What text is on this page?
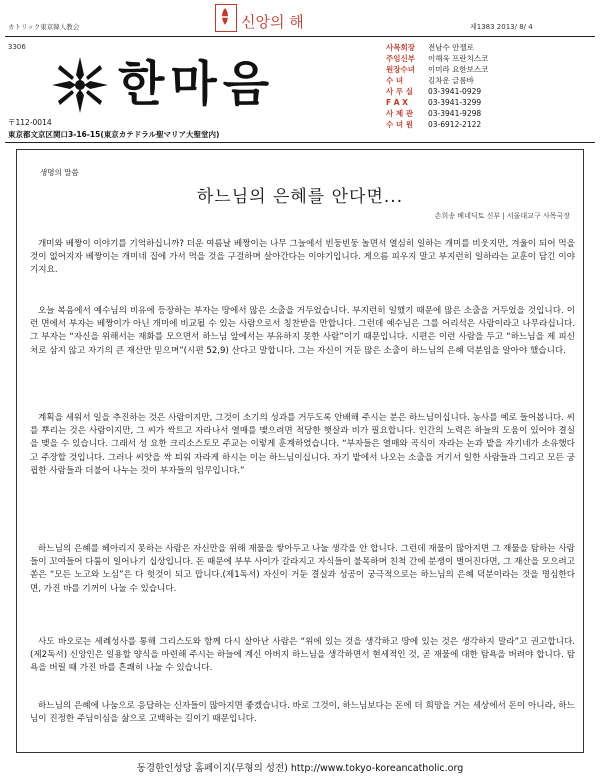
カトリック東京韓人教会	신앙의 해	제1383 2013/ 8/ 4
3306
한마음
〒112-0014
東京都文京区関口3-16-15(東京カテドラル聖マリア大聖堂内)
사목회장	전남수 안젤로
주임신부	이해욱 프란치스코
원장수녀	이미라 요한보스코
수 녀	김차운 글롬바
사 무 실	03-3941-0929
F A X	03-3941-3299
사 제 관	03-3941-9298
수 녀 원	03-6912-2122
생명의 말씀
하느님의 은혜를 안다면...
손희송 베네딕토 신부 | 서울대교구 사목국장

개미와 베짱이 이야기를 기억하십니까? 더운 여름날 베짱이는 나무 그늘에서 빈둥빈둥 놀면서 열심히 일하는 개미를 비웃지만, 겨울이 되어 먹을 것이 없어지자 베짱이는 개미네 집에 가서 먹을 것을 구걸하며 살아간다는 이야기입니다. 게으름 피우지 말고 부지런히 일하라는 교훈이 담긴 이야기지요.

오늘 복음에서 예수님의 비유에 등장하는 부자는 땅에서 많은 소출을 거두었습니다. 부지런히 일했기 때문에 많은 소출을 거두었을 것입니다. 이런 면에서 부자는 베짱이가 아닌 개미에 비교될 수 있는 사람으로서 칭찬받을 만합니다. 그런데 예수님은 그를 어리석은 사람이라고 나무라십니다. 그 부자는 “자신을 위해서는 재화를 모으면서 하느님 앞에서는 부유하지 못한 사람”이기 때문입니다. 시편은 이런 사람을 두고 “하느님을 제 피신처로 삼지 않고 자기의 큰 재산만 믿으며”(시편 52,9) 산다고 말합니다. 그는 자신이 거둔 많은 소출이 하느님의 은혜 덕분임을 알아야 했습니다.

계획을 세워서 일을 추진하는 것은 사람이지만, 그것이 소기의 성과를 거두도록 안배해 주시는 분은 하느님이십니다. 농사를 예로 들어봅니다. 씨를 뿌리는 것은 사람이지만, 그 씨가 싹트고 자라나서 열매를 맺으려면 적당한 햇살과 비가 필요합니다. 인간의 노력은 하늘의 도움이 있어야 결실을 맺을 수 있습니다. 그래서 성 요한 크리소스토모 주교는 이렇게 훈계하였습니다. “부자들은 열매와 곡식이 자라는 논과 밭을 자기네가 소유했다고 주장할 것입니다. 그러나 씨앗을 싹 틔워 자라게 하시는 이는 하느님이십니다. 자기 밭에서 나오는 소출을 거기서 일한 사람들과 그리고 모든 궁핍한 사람들과 더불어 나누는 것이 부자들의 임무입니다.”

하느님의 은혜를 헤아리지 못하는 사람은 자신만을 위해 재물을 쌓아두고 나눌 생각을 안 합니다. 그런데 재물이 많아지면 그 재물을 탐하는 사람들이 꼬여들어 다툼이 일어나기 십상입니다. 돈 때문에 부부 사이가 갈라지고 자식들이 불목하며 친척 간에 분쟁이 벌어진다면, 그 재산을 모으려고 쏟은 “모든 노고와 노심”은 다 헛것이 되고 맙니다.(제1독서) 자신이 거둔 결실과 성공이 궁극적으로는 하느님의 은혜 덕분이라는 것을 명심한다면, 가진 바를 기꺼이 나눌 수 있습니다.

사도 바오로는 세례성사를 통해 그리스도와 함께 다시 살아난 사람은 “위에 있는 것을 생각하고 땅에 있는 것은 생각하지 말라”고 권고합니다.(제2독서) 신앙인은 일용할 양식을 마련해 주시는 하늘에 계신 아버지 하느님을 생각하면서 현세적인 것, 곧 재물에 대한 탐욕을 버려야 합니다. 탐욕을 버릴 때 가진 바를 흔쾌히 나눌 수 있습니다.

하느님의 은혜에 나눔으로 응답하는 신자들이 많아지면 좋겠습니다. 바로 그것이, 하느님보다는 돈에 더 희망을 거는 세상에서 돈이 아니라, 하느님이 진정한 주님이심을 삶으로 고백하는 길이기 때문입니다.

동경한인성당 홈페이지(무형의 성전) http://www.tokyo-koreancatholic.org
